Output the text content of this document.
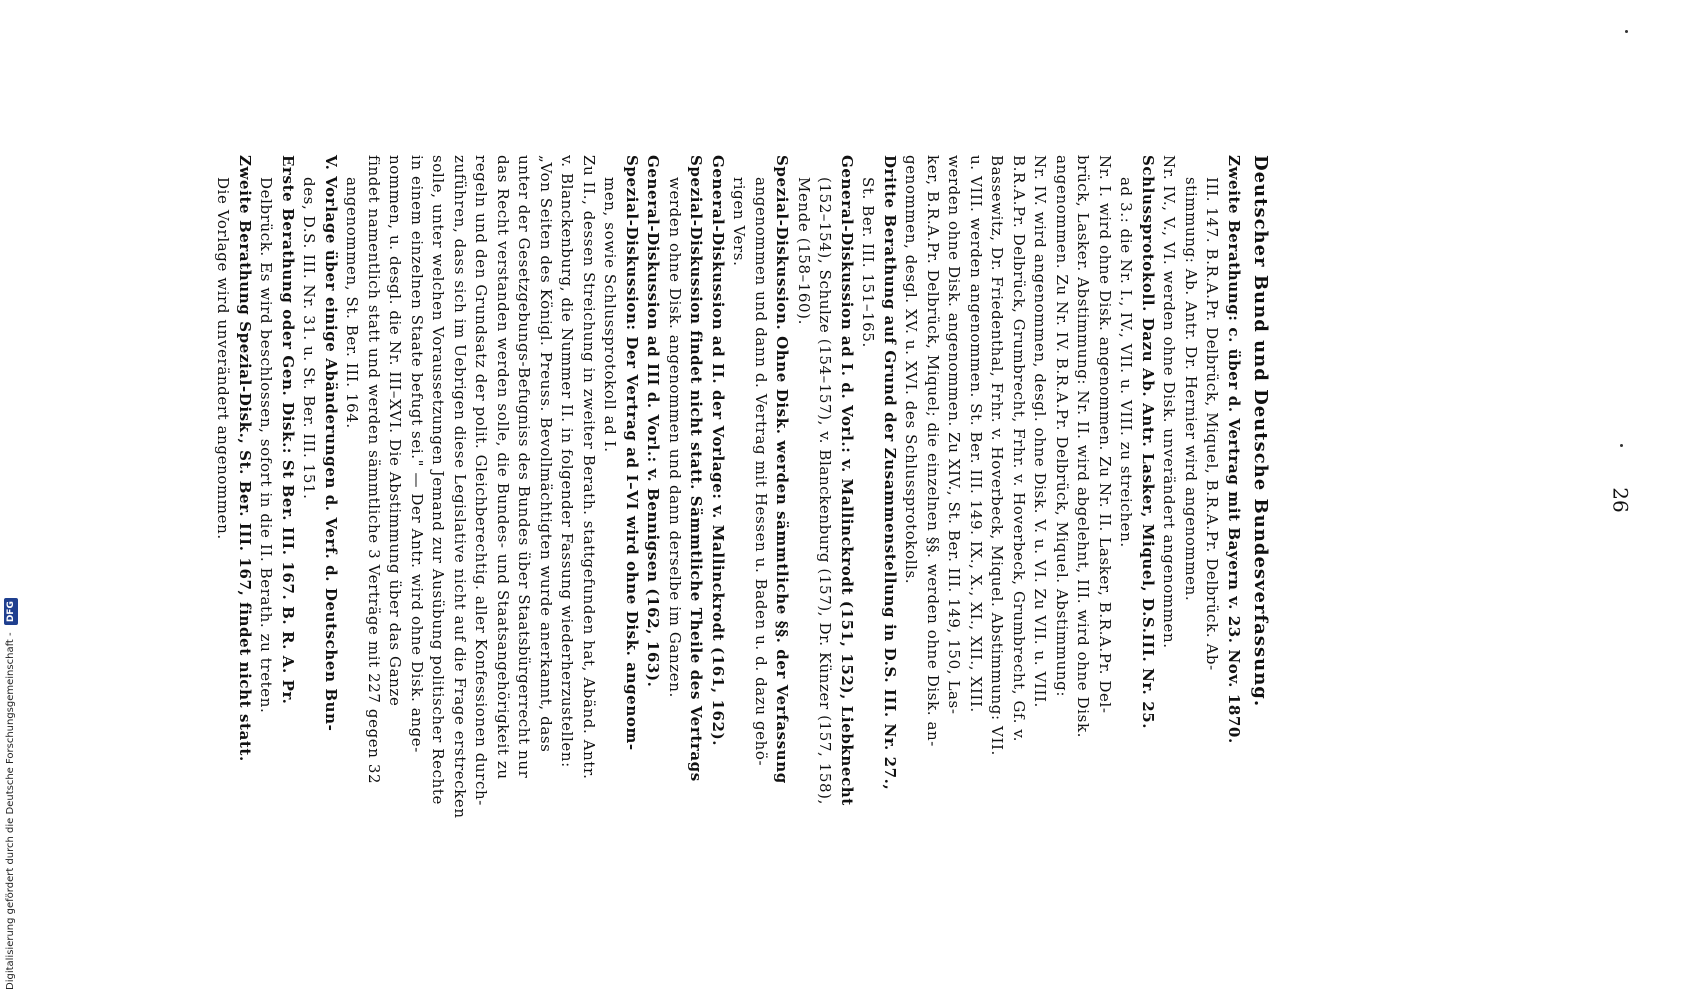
26
Deutscher Bund und Deutsche Bundesverfassung.
Zweite Berathung: c. über d. Vertrag mit Bayern v. 23. Nov. 1870.
III. 147. B.R.A.Pr. Delbrück, Miquel, B.R.A.Pr. Delbrück. Ab-
stimmung: Ab. Antr. Dr. Hernier wird angenommen.
Nr. IV., V., VI. werden ohne Disk. unverändert angenommen.
Schlussprotokoll. Dazu Ab. Antr. Lasker, Miquel, D.S.III. Nr. 25.
ad 3.: die Nr. I., IV., VII. u. VIII. zu streichen.
Nr. I. wird ohne Disk. angenommen. Zu Nr. II. Lasker, B.R.A.Pr. Del-
brück, Lasker. Abstimmung: Nr. II. wird abgelehnt, III. wird ohne Disk.
angenommen. Zu Nr. IV. B.R.A.Pr. Delbrück, Miquel. Abstimmung:
Nr. IV. wird angenommen, desgl. ohne Disk. V. u. VI. Zu VII. u. VIII.
B.R.A.Pr. Delbrück, Grumbrecht, Frhr. v. Hoverbeck, Grumbrecht, Gf. v.
Bassewitz, Dr. Friedenthal, Frhr. v. Hoverbeck, Miquel. Abstimmung: VII.
u. VIII. werden angenommen. St. Ber. III. 149. IX., X., XI., XII., XIII.
werden ohne Disk. angenommen. Zu XIV., St. Ber. III. 149, 150, Las-
ker, B.R.A.Pr. Delbrück, Miquel; die einzelnen §§. werden ohne Disk. an-
genommen, desgl. XV. u. XVI. des Schlussprotokolls.
Dritte Berathung auf Grund der Zusammenstellung in D.S. III. Nr. 27.,
St. Ber. III. 151–165.
General-Diskussion ad I. d. Vorl.: v. Mallinckrodt (151, 152), Liebknecht
(152–154), Schulze (154–157), v. Blanckenburg (157), Dr. Künzer (157, 158),
Mende (158–160).
Spezial-Diskussion. Ohne Disk. werden sämmtliche §§. der Verfassung
angenommen und dann d. Vertrag mit Hessen u. Baden u. d. dazu gehö-
rigen Vers.
General-Diskussion ad II. der Vorlage: v. Mallinckrodt (161, 162).
Spezial-Diskussion findet nicht statt. Sämmtliche Theile des Vertrags
werden ohne Disk. angenommen und dann derselbe im Ganzen.
General-Diskussion ad III d. Vorl.: v. Bennigsen (162, 163).
Spezial-Diskussion: Der Vertrag ad I–VI wird ohne Disk. angenom-
men, sowie Schlussprotokoll ad I.
Zu II., dessen Streichung in zweiter Berath. stattgefunden hat, Abänd. Antr.
v. Blanckenburg, die Nummer II. in folgender Fassung wiederherzustellen:
„Von Seiten des Königl. Preuss. Bevollmächtigten wurde anerkannt, dass
unter der Gesetzgebungs-Befugniss des Bundes über Staatsbürgerrecht nur
das Recht verstanden werden solle, die Bundes- und Staatsangehörigkeit zu
regeln und den Grundsatz der polit. Gleichberechtig. aller Konfessionen durch-
zuführen, dass sich im Uebrigen diese Legislative nicht auf die Frage erstrecken
solle, unter welchen Voraussetzungen Jemand zur Ausübung politischer Rechte
in einem einzelnen Staate befugt sei." — Der Antr. wird ohne Disk. ange-
nommen, u. desgl. die Nr. III–XVI. Die Abstimmung über das Ganze
findet namentlich statt und werden sämmtliche 3 Verträge mit 227 gegen 32
angenommen, St. Ber. III. 164.
V. Vorlage über einige Abänderungen d. Verf. d. Deutschen Bun-
des, D.S. III. Nr. 31. u. St. Ber. III. 151.
Erste Berathung oder Gen. Disk.: St Ber. III. 167. B. R. A. Pr.
Delbrück. Es wird beschlossen, sofort in die II. Berath. zu treten.
Zweite Berathung Spezial-Disk., St. Ber. III. 167, findet nicht statt.
Die Vorlage wird unverändert angenommen.
Digitalisierung gefördert durch die Deutsche Forschungsgemeinschaft - DFG
